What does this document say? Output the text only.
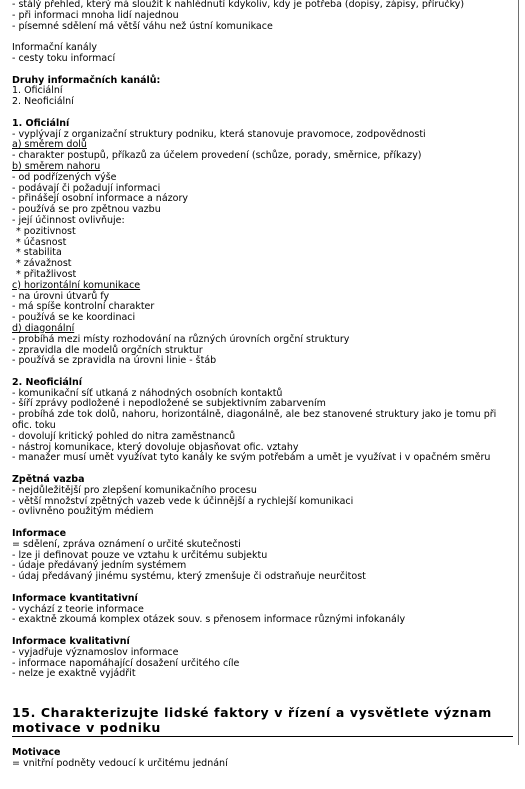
- stálý přehled, který má sloužit k nahlédnutí kdykoliv, kdy je potřeba (dopisy, zápisy, příručky)
- při informaci mnoha lidí najednou
- písemné sdělení má větší váhu než ústní komunikace
Informační kanály
- cesty toku informací
Druhy informačních kanálů:
1. Oficiální
2. Neoficiální
1. Oficiální
- vyplývají z organizační struktury podniku, která stanovuje pravomoce, zodpovědnosti
a) směrem dolů
- charakter postupů, příkazů za účelem provedení (schůze, porady, směrnice, příkazy)
b) směrem nahoru
- od podřízených výše
- podávají či požadují informaci
- přinášejí osobní informace a názory
- používá se pro zpětnou vazbu
- její účinnost ovlivňuje:
* pozitivnost
* účasnost
* stabilita
* závažnost
* přitažlivost
c) horizontální komunikace
- na úrovni útvarů fy
- má spíše kontrolní charakter
- používá se ke koordinaci
d) diagonální
- probíhá mezi místy rozhodování na různých úrovních orgční struktury
- zpravidla dle modelů orgčních struktur
- používá se zpravidla na úrovni linie - štáb
2. Neoficiální
- komunikační síť utkaná z náhodných osobních kontaktů
- šíří zprávy podložené i nepodložené se subjektivním zabarvením
- probíhá zde tok dolů, nahoru, horizontálně, diagonálně, ale bez stanovené struktury jako je tomu při ofic. toku
- dovolují kritický pohled do nitra zaměstnanců
- nástroj komunikace, který dovoluje objasňovat ofic. vztahy
- manažer musí umět využívat tyto kanály ke svým potřebám a umět je využívat i v opačném směru
Zpětná vazba
- nejdůležitější pro zlepšení komunikačního procesu
- větší množství zpětných vazeb vede k účinnější a rychlejší komunikaci
- ovlivněno použitým médiem
Informace
= sdělení, zpráva oznámení o určité skutečnosti
- lze ji definovat pouze ve vztahu k určitému subjektu
- údaje předávaný jedním systémem
- údaj předávaný jinému systému, který zmenšuje či odstraňuje neurčitost
Informace kvantitativní
- vychází z teorie informace
- exaktně zkoumá komplex otázek souv. s přenosem informace různými infokanály
Informace kvalitativní
- vyjadřuje významoslov informace
- informace napomáhající dosažení určitého cíle
- nelze je exaktně vyjádřit
15. Charakterizujte lidské faktory v řízení a vysvětlete význam motivace v podniku
Motivace
= vnitřní podněty vedoucí k určitému jednání
